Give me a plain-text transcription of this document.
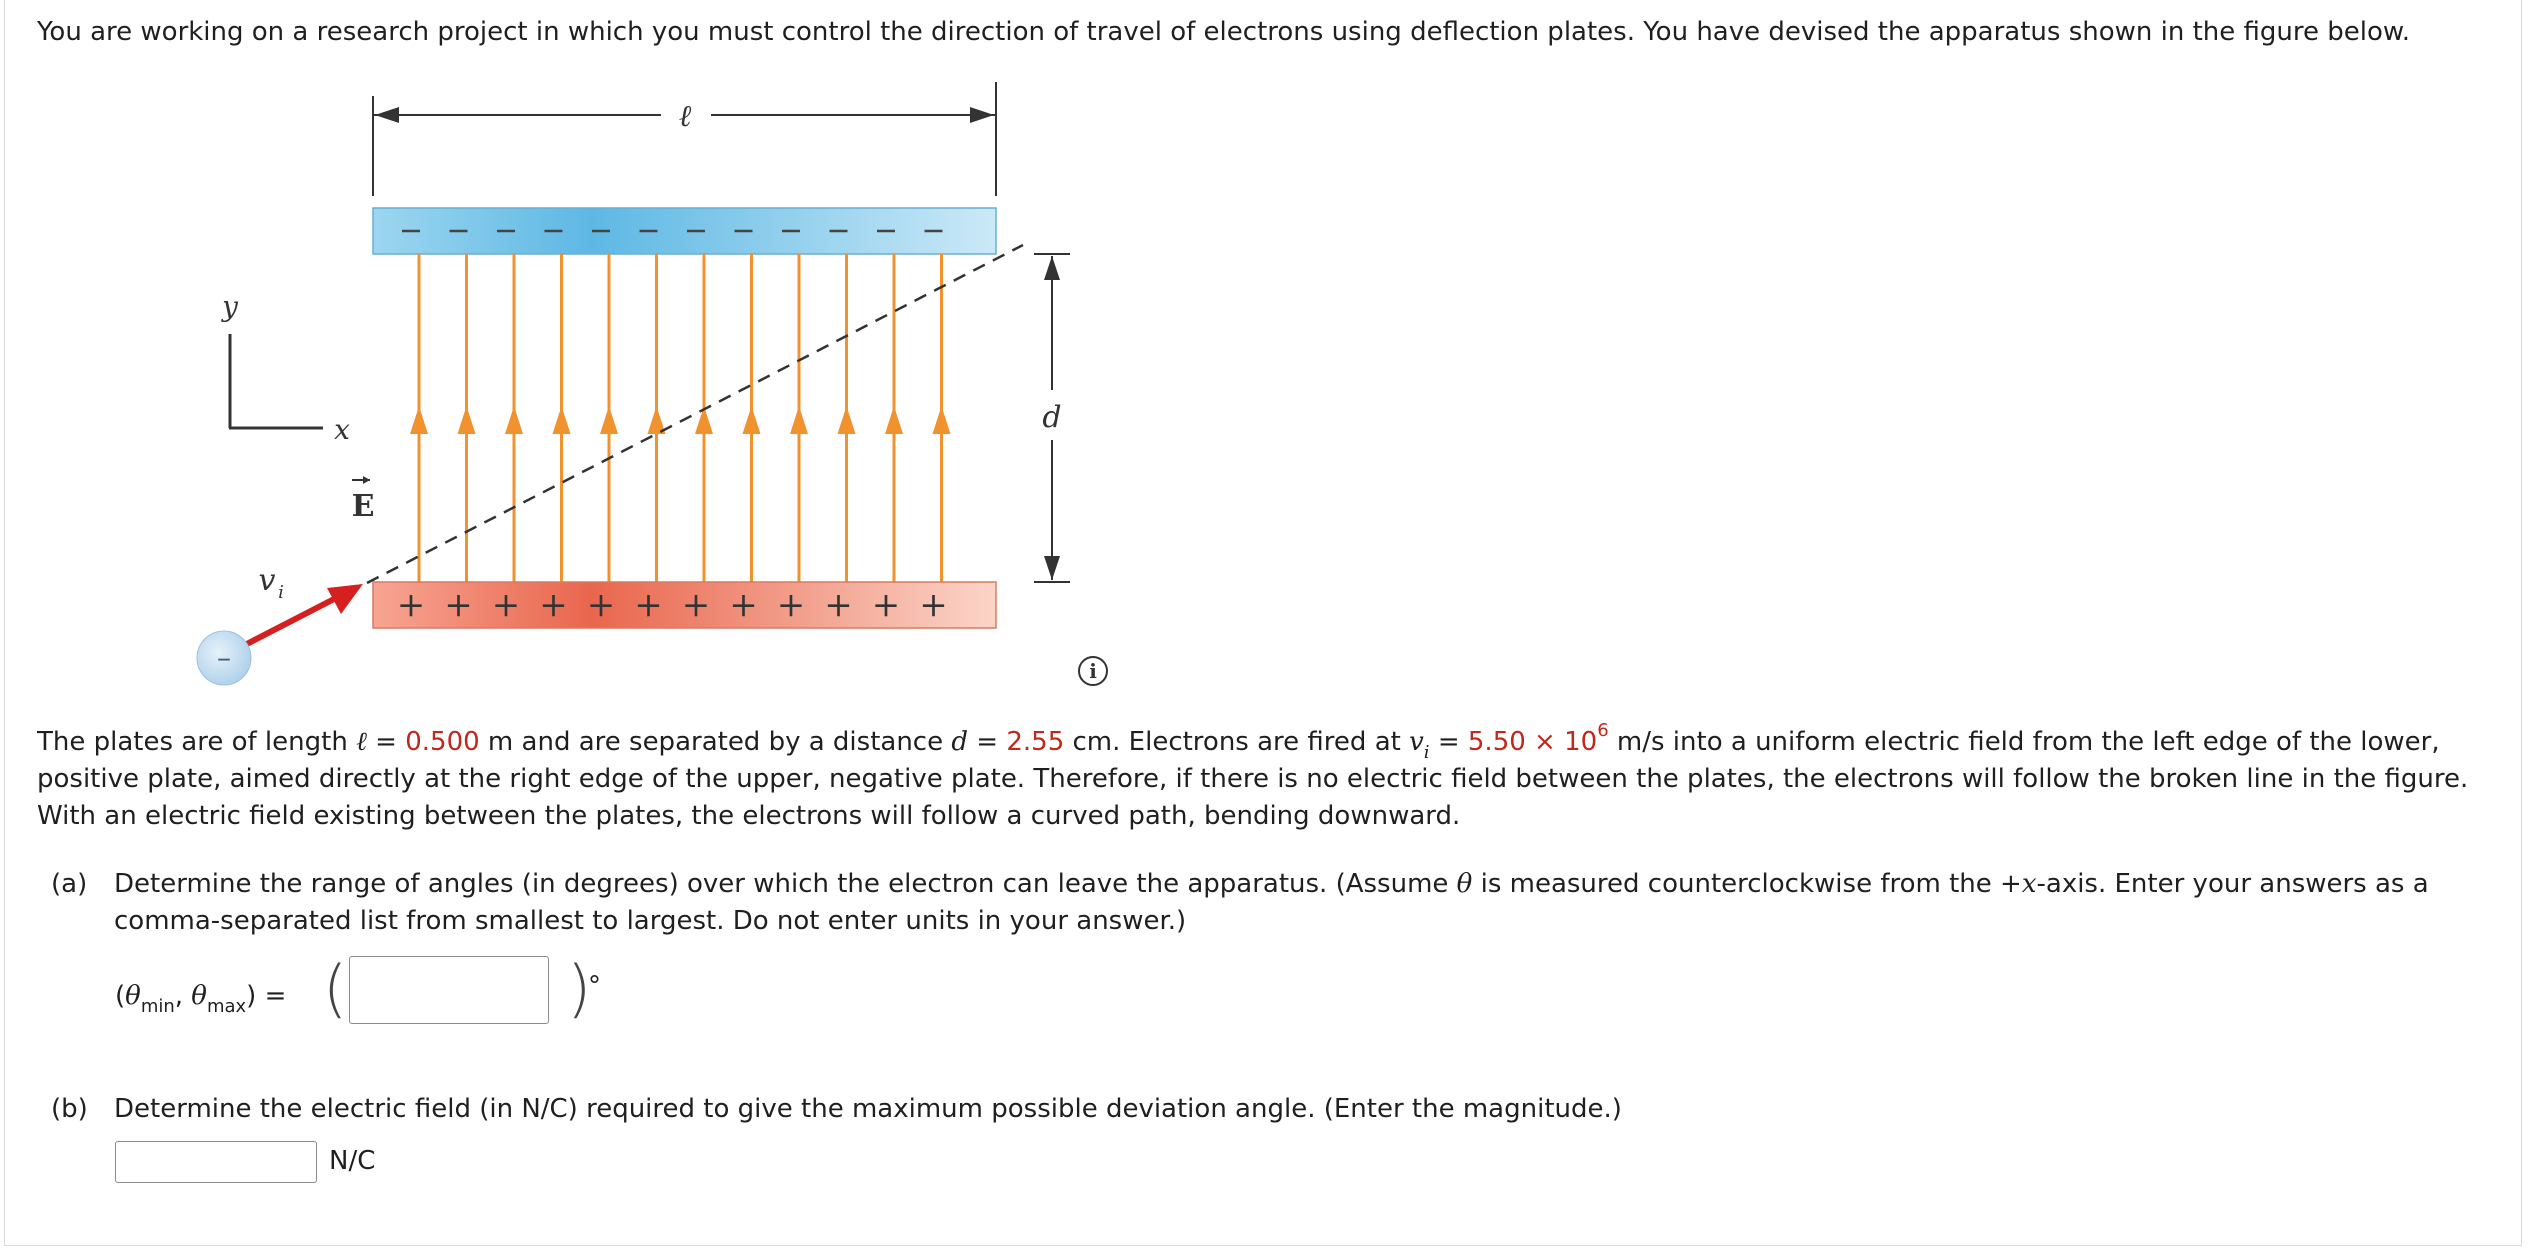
You are working on a research project in which you must control the direction of travel of electrons using deflection plates. You have devised the apparatus shown in the figure below.

ℓ
y
x
+ + + + + + + + + + + +
d
E
v i
–	i

The plates are of length ℓ = 0.500 m and are separated by a distance d = 2.55 cm. Electrons are fired at $v_i = 5.50 \times 10^6$ m/s into a uniform electric field from the left edge of the lower, positive plate, aimed directly at the right edge of the upper, negative plate. Therefore, if there is no electric field between the plates, the electrons will follow the broken line in the figure. With an electric field existing between the plates, the electrons will follow a curved path, bending downward.

(a) Determine the range of angles (in degrees) over which the electron can leave the apparatus. (Assume θ is measured counterclockwise from the +x-axis. Enter your answers as a comma-separated list from smallest to largest. Do not enter units in your answer.)

($\theta_{min}$, $\theta_{max}$) = (	)
°
(b) Determine the electric field (in N/C) required to give the maximum possible deviation angle. (Enter the magnitude.)

N/C
